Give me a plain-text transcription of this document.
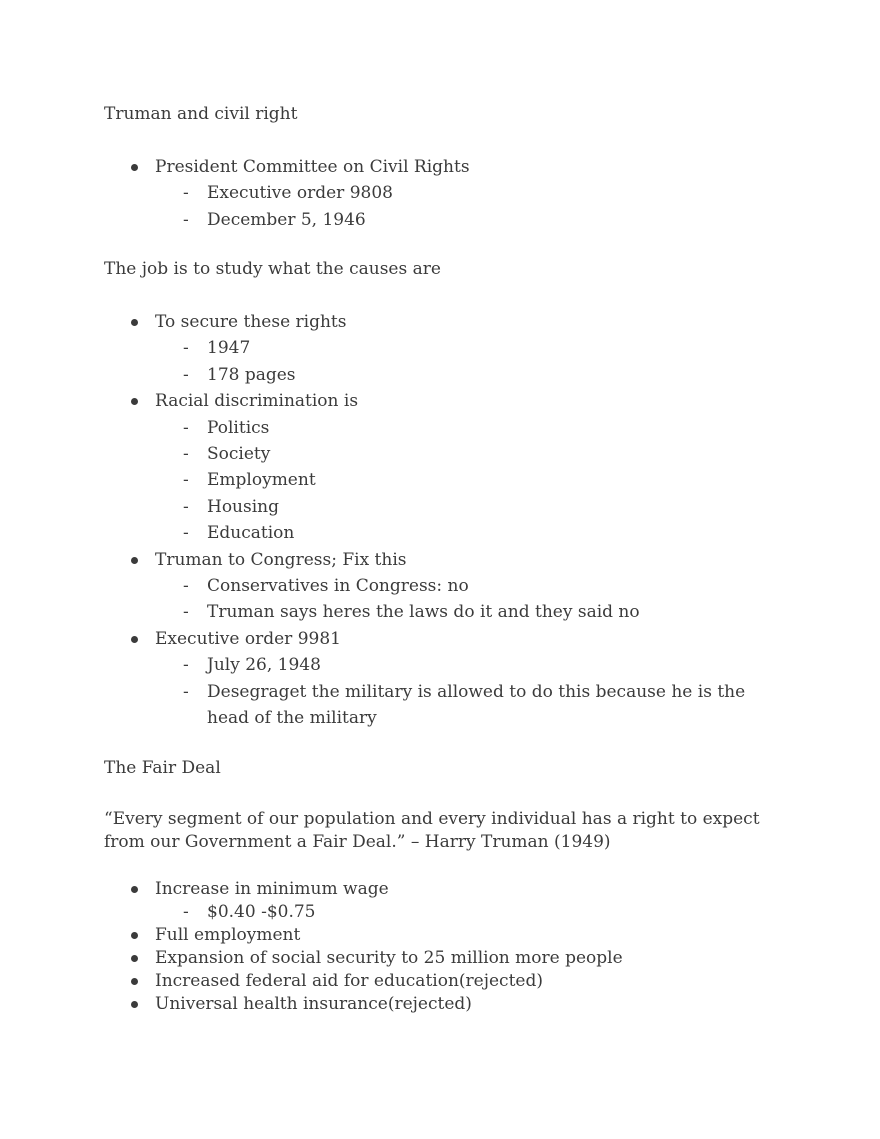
Truman and civil right
President Committee on Civil Rights
- Executive order 9808
- December 5, 1946
The job is to study what the causes are
To secure these rights
- 1947
- 178 pages
Racial discrimination is
- Politics
- Society
- Employment
- Housing
- Education
Truman to Congress; Fix this
- Conservatives in Congress: no
- Truman says heres the laws do it and they said no
Executive order 9981
- July 26, 1948
- Desegraget the military is allowed to do this because he is the head of the military
The Fair Deal
“Every segment of our population and every individual has a right to expect from our Government a Fair Deal.” – Harry Truman (1949)
Increase in minimum wage
- $0.40 -$0.75
Full employment
Expansion of social security to 25 million more people
Increased federal aid for education(rejected)
Universal health insurance(rejected)
